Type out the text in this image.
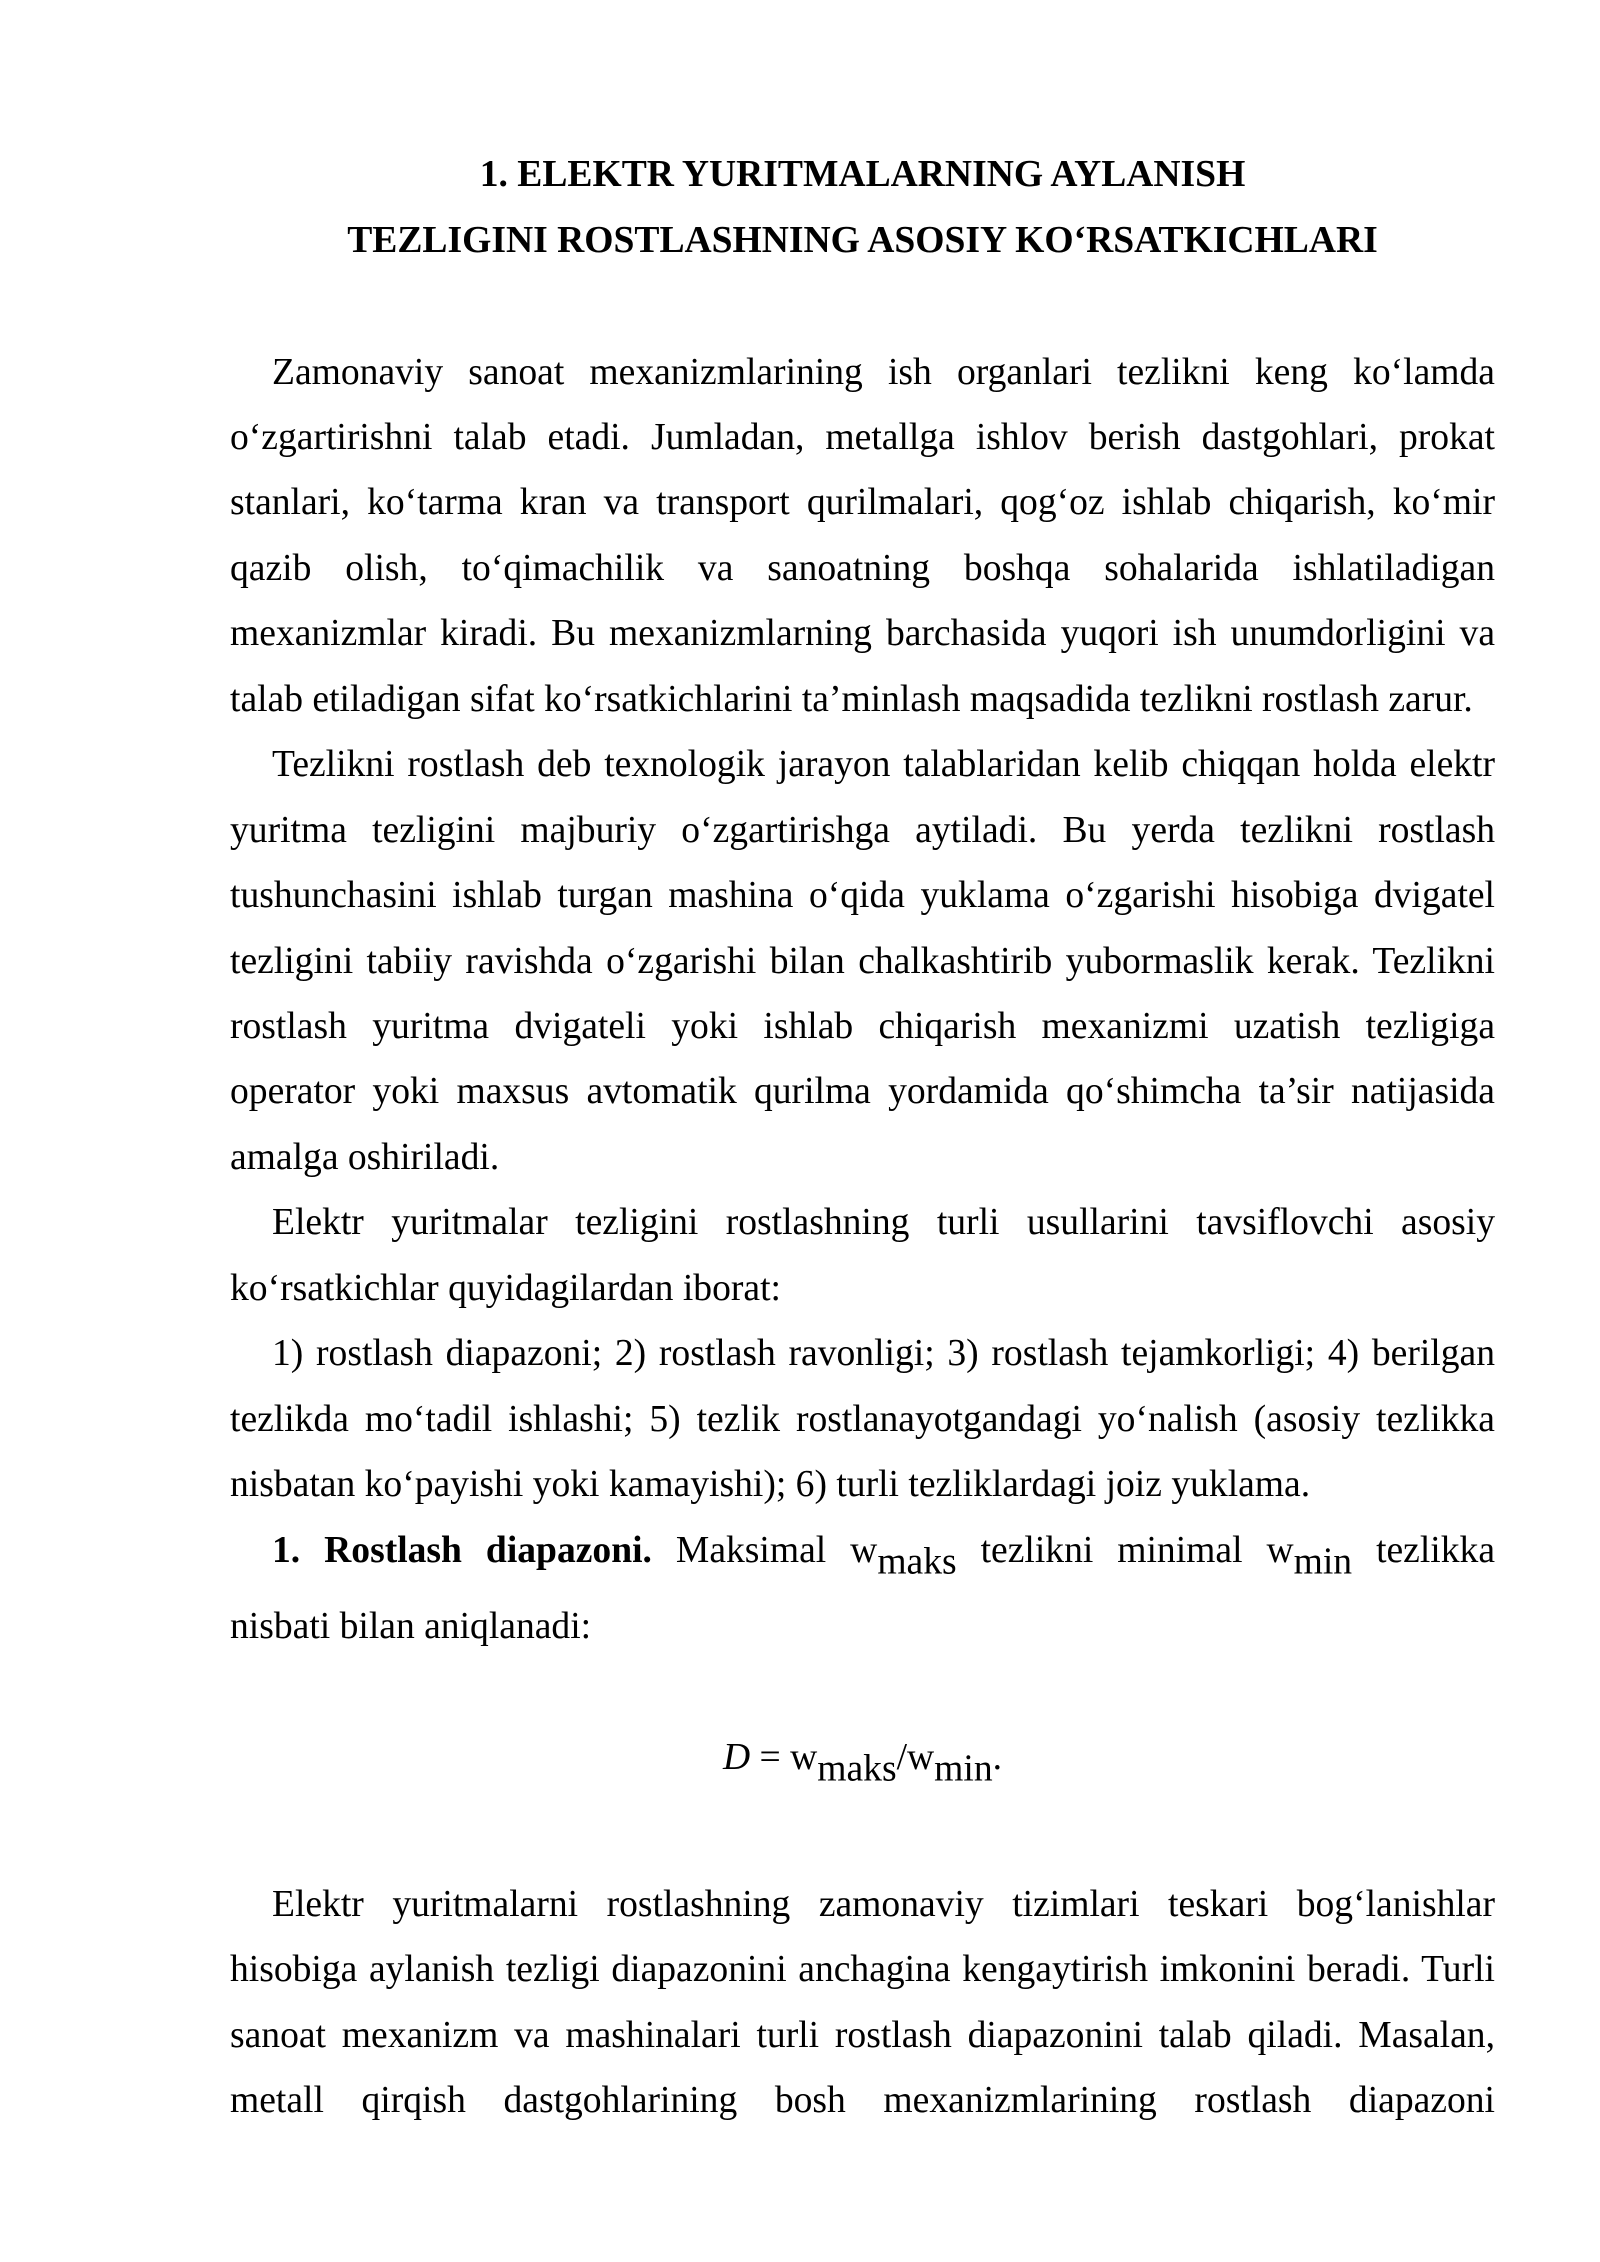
1. ELEKTR YURITMALARNING AYLANISH
TEZLIGINI ROSTLASHNING ASOSIY KO‘RSATKICHLARI
Zamonaviy sanoat mexanizmlarining ish organlari tezlikni keng ko‘lamda
o‘zgartirishni talab etadi. Jumladan, metallga ishlov berish dastgohlari, prokat
stanlari, ko‘tarma kran va transport qurilmalari, qog‘oz ishlab chiqarish, ko‘mir
qazib olish, to‘qimachilik va sanoatning boshqa sohalarida ishlatiladigan
mexanizmlar kiradi. Bu mexanizmlarning barchasida yuqori ish unumdorligini va
talab etiladigan sifat ko‘rsatkichlarini ta’minlash maqsadida tezlikni rostlash zarur.
Tezlikni rostlash deb texnologik jarayon talablaridan kelib chiqqan holda elektr
yuritma tezligini majburiy o‘zgartirishga aytiladi. Bu yerda tezlikni rostlash
tushunchasini ishlab turgan mashina o‘qida yuklama o‘zgarishi hisobiga dvigatel
tezligini tabiiy ravishda o‘zgarishi bilan chalkashtirib yubormaslik kerak. Tezlikni
rostlash yuritma dvigateli yoki ishlab chiqarish mexanizmi uzatish tezligiga
operator yoki maxsus avtomatik qurilma yordamida qo‘shimcha ta’sir natijasida
amalga oshiriladi.
Elektr yuritmalar tezligini rostlashning turli usullarini tavsiflovchi asosiy
ko‘rsatkichlar quyidagilardan iborat:
1) rostlash diapazoni; 2) rostlash ravonligi; 3) rostlash tejamkorligi; 4) berilgan
tezlikda mo‘tadil ishlashi; 5) tezlik rostlanayotgandagi yo‘nalish (asosiy tezlikka
nisbatan ko‘payishi yoki kamayishi); 6) turli tezliklardagi joiz yuklama.
1. Rostlash diapazoni. Maksimal $w_{maks}$ tezlikni minimal $w_{min}$ tezlikka
nisbati bilan aniqlanadi:
$D = w_{maks}/w_{min}$.
Elektr yuritmalarni rostlashning zamonaviy tizimlari teskari bog‘lanishlar
hisobiga aylanish tezligi diapazonini anchagina kengaytirish imkonini beradi. Turli
sanoat mexanizm va mashinalari turli rostlash diapazonini talab qiladi. Masalan,
metall qirqish dastgohlarining bosh mexanizmlarining rostlash diapazoni
